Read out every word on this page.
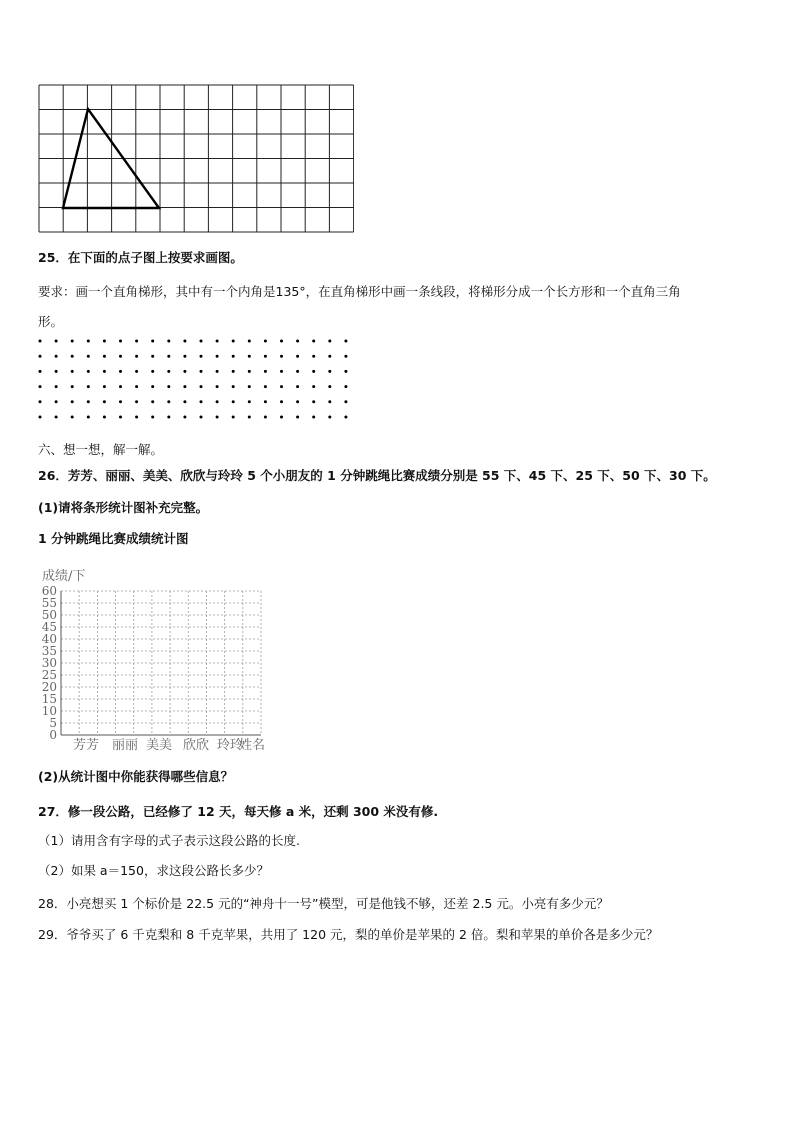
25．在下面的点子图上按要求画图。
要求：画一个直角梯形，其中有一个内角是135°，在直角梯形中画一条线段，将梯形分成一个长方形和一个直角三角
形。
六、想一想，解一解。
26．芳芳、丽丽、美美、欣欣与玲玲 5 个小朋友的 1 分钟跳绳比赛成绩分别是 55 下、45 下、25 下、50 下、30 下。
(1)请将条形统计图补充完整。
1 分钟跳绳比赛成绩统计图
成绩/下
60
55
50
45
40
35
30
25
20
15
10
5
0
芳芳 丽丽 美美 欣欣 玲玲
姓名
(2)从统计图中你能获得哪些信息？
27．修一段公路，已经修了 12 天，每天修 a 米，还剩 300 米没有修.
（1）请用含有字母的式子表示这段公路的长度.
（2）如果 a＝150，求这段公路长多少？
28．小亮想买 1 个标价是 22.5 元的“神舟十一号”模型，可是他钱不够，还差 2.5 元。小亮有多少元？
29．爷爷买了 6 千克梨和 8 千克苹果，共用了 120 元，梨的单价是苹果的 2 倍。梨和苹果的单价各是多少元？
